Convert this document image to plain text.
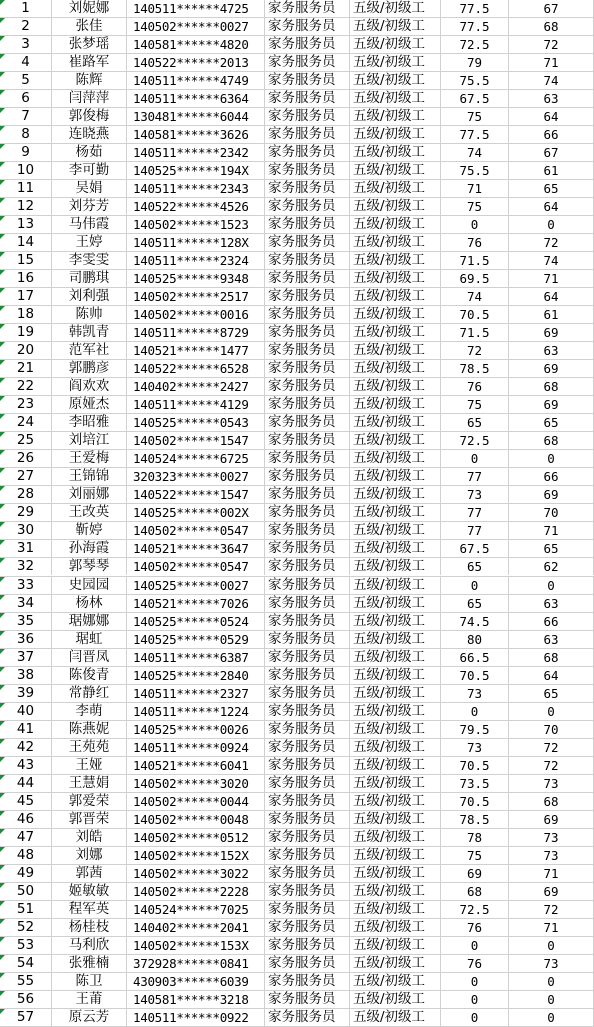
1	刘妮娜	140511******4725	家务服务员	五级/初级工	77.5	67
2	张佳	140502******0027	家务服务员	五级/初级工	77.5	68
3	张梦瑶	140581******4820	家务服务员	五级/初级工	72.5	72
4	崔路军	140522******2013	家务服务员	五级/初级工	79	71
5	陈辉	140511******4749	家务服务员	五级/初级工	75.5	74
6	闫萍萍	140511******6364	家务服务员	五级/初级工	67.5	63
7	郭俊梅	130481******6044	家务服务员	五级/初级工	75	64
8	连晓燕	140581******3626	家务服务员	五级/初级工	77.5	66
9	杨茹	140511******2342	家务服务员	五级/初级工	74	67
10	李可勤	140525******194X	家务服务员	五级/初级工	75.5	61
11	吴娟	140511******2343	家务服务员	五级/初级工	71	65
12	刘芬芳	140522******4526	家务服务员	五级/初级工	75	64
13	马伟霞	140502******1523	家务服务员	五级/初级工	0	0
14	王婷	140511******128X	家务服务员	五级/初级工	76	72
15	李雯雯	140511******2324	家务服务员	五级/初级工	71.5	74
16	司鹏琪	140525******9348	家务服务员	五级/初级工	69.5	71
17	刘利强	140502******2517	家务服务员	五级/初级工	74	64
18	陈帅	140502******0016	家务服务员	五级/初级工	70.5	61
19	韩凯青	140511******8729	家务服务员	五级/初级工	71.5	69
20	范军社	140521******1477	家务服务员	五级/初级工	72	63
21	郭鹏彦	140522******6528	家务服务员	五级/初级工	78.5	69
22	阎欢欢	140402******2427	家务服务员	五级/初级工	76	68
23	原娅杰	140511******4129	家务服务员	五级/初级工	75	69
24	李昭雅	140525******0543	家务服务员	五级/初级工	65	65
25	刘培江	140502******1547	家务服务员	五级/初级工	72.5	68
26	王爱梅	140524******6725	家务服务员	五级/初级工	0	0
27	王锦锦	320323******0027	家务服务员	五级/初级工	77	66
28	刘丽娜	140522******1547	家务服务员	五级/初级工	73	69
29	王改英	140525******002X	家务服务员	五级/初级工	77	70
30	靳婷	140502******0547	家务服务员	五级/初级工	77	71
31	孙海霞	140521******3647	家务服务员	五级/初级工	67.5	65
32	郭琴琴	140502******0547	家务服务员	五级/初级工	65	62
33	史园园	140525******0027	家务服务员	五级/初级工	0	0
34	杨林	140521******7026	家务服务员	五级/初级工	65	63
35	琚娜娜	140525******0524	家务服务员	五级/初级工	74.5	66
36	琚虹	140525******0529	家务服务员	五级/初级工	80	63
37	闫晋凤	140511******6387	家务服务员	五级/初级工	66.5	68
38	陈俊青	140525******2840	家务服务员	五级/初级工	70.5	64
39	常静红	140511******2327	家务服务员	五级/初级工	73	65
40	李萌	140511******1224	家务服务员	五级/初级工	0	0
41	陈燕妮	140525******0026	家务服务员	五级/初级工	79.5	70
42	王苑苑	140511******0924	家务服务员	五级/初级工	73	72
43	王娅	140521******6041	家务服务员	五级/初级工	70.5	72
44	王慧娟	140502******3020	家务服务员	五级/初级工	73.5	73
45	郭爱荣	140502******0044	家务服务员	五级/初级工	70.5	68
46	郭晋荣	140502******0048	家务服务员	五级/初级工	78.5	69
47	刘皓	140502******0512	家务服务员	五级/初级工	78	73
48	刘娜	140502******152X	家务服务员	五级/初级工	75	73
49	郭茜	140502******3022	家务服务员	五级/初级工	69	71
50	姬敏敏	140502******2228	家务服务员	五级/初级工	68	69
51	程军英	140524******7025	家务服务员	五级/初级工	72.5	72
52	杨桂枝	140402******2041	家务服务员	五级/初级工	76	71
53	马利欣	140502******153X	家务服务员	五级/初级工	0	0
54	张雅楠	372928******0841	家务服务员	五级/初级工	76	73
55	陈卫	430903******6039	家务服务员	五级/初级工	0	0
56	王莆	140581******3218	家务服务员	五级/初级工	0	0
57	原云芳	140511******0922	家务服务员	五级/初级工	0	0
